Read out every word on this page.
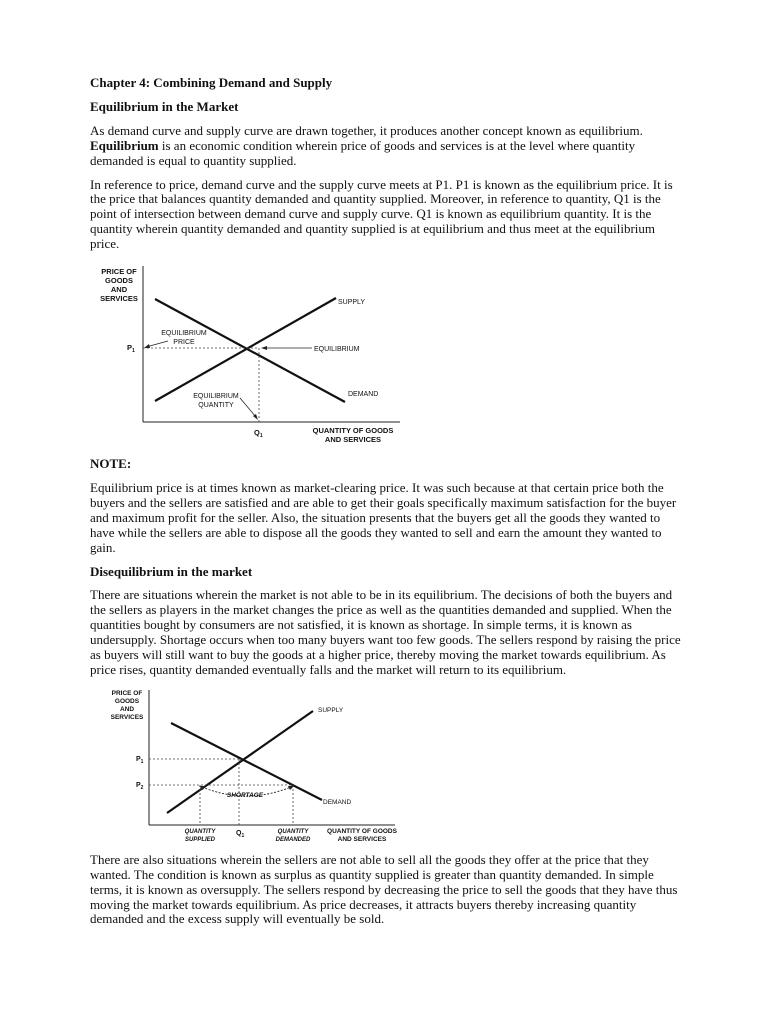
Chapter 4: Combining Demand and Supply
Equilibrium in the Market

As demand curve and supply curve are drawn together, it produces another concept known as equilibrium.
Equilibrium is an economic condition wherein price of goods and services is at the level where quantity demanded is equal to quantity supplied.

In reference to price, demand curve and the supply curve meets at P1. P1 is known as the equilibrium price. It is the price that balances quantity demanded and quantity supplied. Moreover, in reference to quantity, Q1 is the point of intersection between demand curve and supply curve. Q1 is known as equilibrium quantity. It is the quantity wherein quantity demanded and quantity supplied is at equilibrium and thus meet at the equilibrium price.

PRICE OF
GOODS
AND
SERVICES	SUPPLY
DEMAND
EQUILIBRIUM
EQUILIBRIUM
PRICE
$P_1$
EQUILIBRIUM
QUANTITY
$Q_1$
QUANTITY OF GOODS
AND SERVICES
NOTE:

Equilibrium price is at times known as market-clearing price. It was such because at that certain price both the buyers and the sellers are satisfied and are able to get their goals specifically maximum satisfaction for the buyer and maximum profit for the seller. Also, the situation presents that the buyers get all the goods they wanted to have while the sellers are able to dispose all the goods they wanted to sell and earn the amount they wanted to gain.

Disequilibrium in the market

There are situations wherein the market is not able to be in its equilibrium. The decisions of both the buyers and the sellers as players in the market changes the price as well as the quantities demanded and supplied. When the quantities bought by consumers are not satisfied, it is known as shortage. In simple terms, it is known as undersupply. Shortage occurs when too many buyers want too few goods. The sellers respond by raising the price as buyers will still want to buy the goods at a higher price, thereby moving the market towards equilibrium. As price rises, quantity demanded eventually falls and the market will return to its equilibrium.

PRICE OF
GOODS
AND
SERVICES
SHORTAGE
SUPPLY
DEMAND
$P_1$
$P_2$
$Q_1$
QUANTITY
SUPPLIED
QUANTITY
DEMANDED
QUANTITY OF GOODS
AND SERVICES

There are also situations wherein the sellers are not able to sell all the goods they offer at the price that they wanted. The condition is known as surplus as quantity supplied is greater than quantity demanded. In simple terms, it is known as oversupply. The sellers respond by decreasing the price to sell the goods that they have thus moving the market towards equilibrium. As price decreases, it attracts buyers thereby increasing quantity demanded and the excess supply will eventually be sold.
